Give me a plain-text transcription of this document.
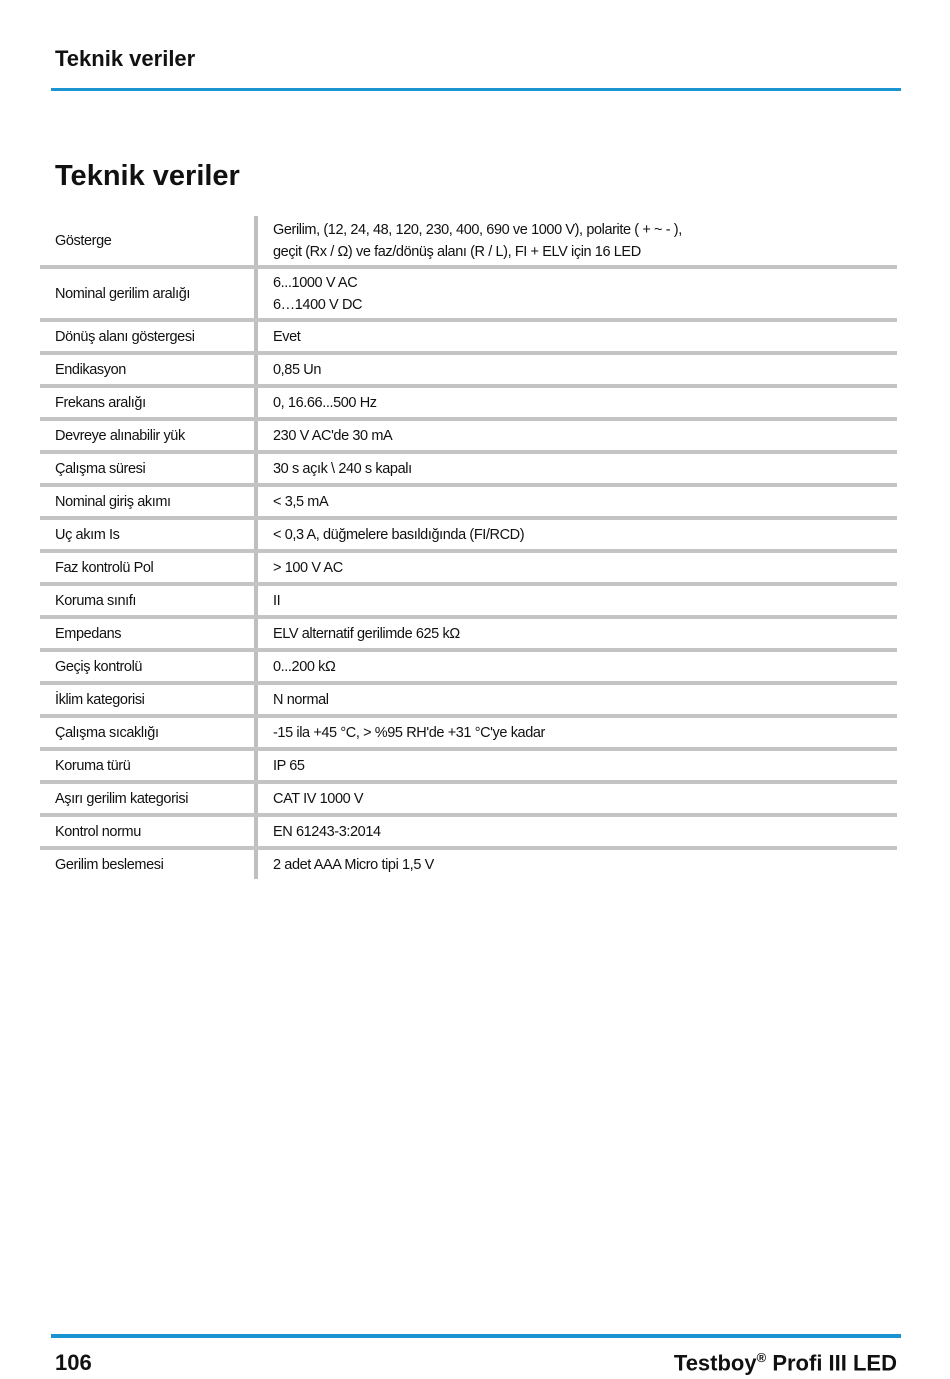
Teknik veriler
Teknik veriler
Gösterge	Gerilim, (12, 24, 48, 120, 230, 400, 690 ve 1000 V), polarite ( + ~ - ),
geçit (Rx / Ω) ve faz/dönüş alanı (R / L), FI + ELV için 16 LED

Nominal gerilim aralığı	6...1000 V AC
6…1400 V DC

Dönüş alanı göstergesi	Evet

Endikasyon	0,85 Un

Frekans aralığı	0, 16.66...500 Hz

Devreye alınabilir yük	230 V AC'de 30 mA

Çalışma süresi	30 s açık \ 240 s kapalı

Nominal giriş akımı	< 3,5 mA

Uç akım Is	< 0,3 A, düğmelere basıldığında (FI/RCD)

Faz kontrolü Pol	> 100 V AC

Koruma sınıfı	II

Empedans	ELV alternatif gerilimde 625 kΩ

Geçiş kontrolü	0...200 kΩ

İklim kategorisi	N normal

Çalışma sıcaklığı	-15 ila +45 °C, > %95 RH'de +31 °C'ye kadar

Koruma türü	IP 65

Aşırı gerilim kategorisi	CAT IV 1000 V

Kontrol normu	EN 61243-3:2014

Gerilim beslemesi	2 adet AAA Micro tipi 1,5 V
106	Testboy® Profi III LED
